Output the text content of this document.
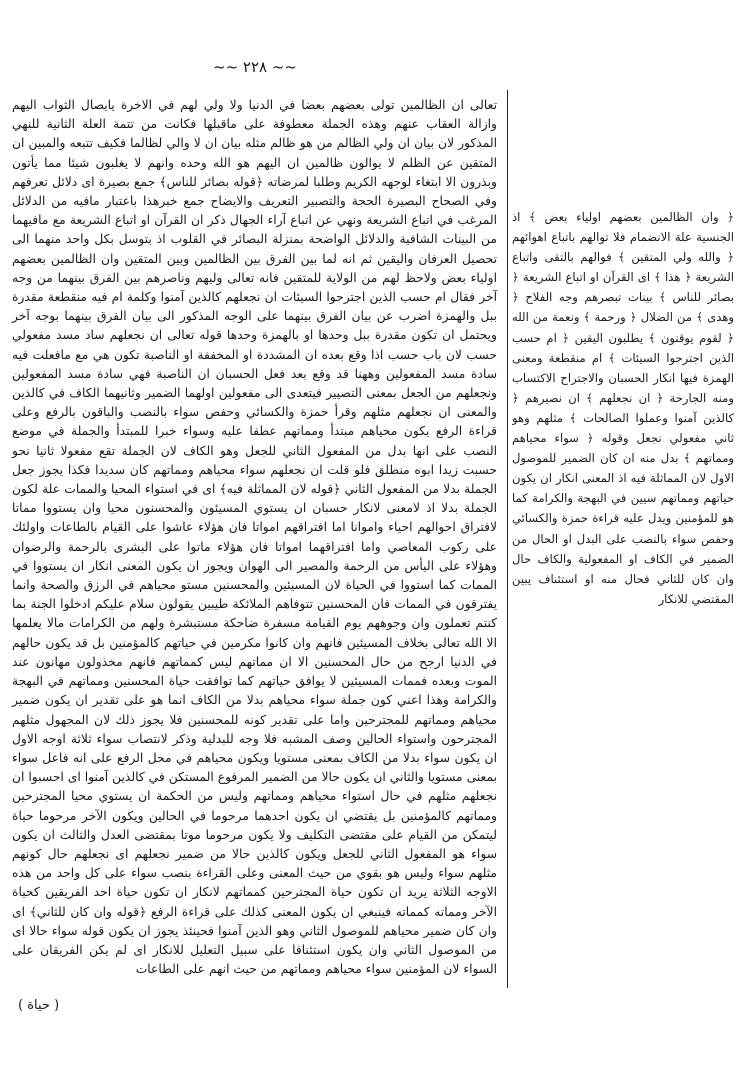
~~ ٢٢٨ ~~

تعالى ان الظالمين تولى بعضهم بعضا في الدنيا ولا ولي لهم في الاخرة يايصال الثواب اليهم وازالة العقاب عنهم وهذه الجملة معطوفة على ماقبلها فكانت من تتمة العلة الثانية للنهي المذكور لان بيان ان ولي الظالم من هو ظالم مثله بيان ان لا والي لظالما فكيف تتبعه والمبين ان المتقين عن الظلم لا يوالون ظالمين ان اليهم هو الله وحده وانهم لا يغلبون شيئا مما يأتون وبذرون الا ابتغاء لوجهه الكريم وطلبا لمرضاته ﴿قوله بصائر للناس﴾ جمع بصيرة اى دلائل تعرفهم وفي الصحاح البصيرة الحجة والتصبير التعريف والايضاح جمع خبرهذا باعتبار مافيه من الدلائل المرغب في اتباع الشريعة ونهي عن اتباع آراء الجهال ذكر ان القرآن او اتباع الشريعة مع مافيهما من البينات الشافية والدلائل الواضحة بمنزلة البصائر في القلوب اذ بتوسل بكل واحد منهما الى تحصيل العرفان واليقين ثم انه لما بين الفرق بين الظالمين وبين المتقين وان الظالمين بعضهم اولياء بعض ولاحظ لهم من الولاية للمتقين فانه تعالى وليهم وناصرهم بين الفرق بينهما من وجه آخر فقال ام حسب الذين اجترحوا السيئات ان نجعلهم كالذين آمنوا وكلمة ام فيه منقطعة مقدرة ببل والهمزة اضرب عن بيان الفرق بينهما على الوجه المذكور الى بيان الفرق بينهما بوجه آخر ويحتمل ان تكون مقدرة ببل وحدها او بالهمزة وحدها قوله تعالى ان نجعلهم ساد مسد مفعولي حسب لان باب حسب اذا وقع بعده ان المشددة او المخففة او الناصبة تكون هي مع مافعلت فيه سادة مسد المفعولين وههنا قد وقع بعد فعل الحسبان ان الناصبة فهي سادة مسد المفعولين ونجعلهم من الجعل بمعنى التصيير فيتعدى الى مفعولين اولهما الضمير وثانيهما الكاف في كالذين والمعنى ان نجعلهم مثلهم وقرأ حمزة والكسائي وحفص سواء بالنصب والباقون بالرفع وعلى قراءة الرفع يكون محياهم مبتدأ ومماتهم عطفا عليه وسواء خبرا للمبتدأ والجملة في موضع النصب على انها بدل من المفعول الثاني للجعل وهو الكاف لان الجملة تقع مفعولا ثانيا نحو حسبت زيدا ابوه منطلق فلو قلت ان نجعلهم سواء محياهم ومماتهم كان سديدا فكذا يجوز جعل الجملة بدلا من المفعول الثاني ﴿قوله لان المماثلة فيه﴾ اى في استواء المحيا والممات علة لكون الجملة بدلا اذ لامعنى لانكار حسبان ان يستوي المسيئون والمحسنون محيا وان يستووا مماتا لافتراق احوالهم احياء واموانا اما افتراقهم امواتا فان هؤلاء عاشوا على القيام بالطاعات واولئك على ركوب المعاصي واما افتراقهما امواتا فان هؤلاء ماتوا على البشرى بالرحمة والرضوان وهؤلاء على اليأس من الرحمة والمصير الى الهوان ويجوز ان يكون المعنى انكار ان يستووا في الممات كما استووا في الحياة لان المسيئين والمحسنين مستو محياهم في الرزق والصحة وانما يفترقون في الممات فان المحسنين تتوفاهم الملائكة طيبين يقولون سلام عليكم ادخلوا الجنة بما كنتم تعملون وان وجوههم يوم القيامة مسفرة ضاحكة مستبشرة ولهم من الكرامات مالا يعلمها الا الله تعالى بخلاف المسيئين فانهم وان كانوا مكرمين في حياتهم كالمؤمنين بل قد يكون حالهم في الدنيا ارجح من حال المحسنين الا ان مماتهم ليس كمماتهم فانهم مخذولون مهانون عند الموت وبعده فممات المسيئين لا يوافق حياتهم كما توافقت حياة المحسنين ومماتهم في البهجة والكرامة وهذا اعني كون جملة سواء محياهم بدلا من الكاف انما هو على تقدير ان يكون ضمير محياهم ومماتهم للمجترحين واما على تقدير كونه للمحسنين فلا يجوز ذلك لان المجهول مثلهم المجترحون واستواء الحالين وصف المشبه فلا وجه للبدلية وذكر لانتصاب سواء ثلاثة اوجه الاول ان يكون سواء بدلا من الكاف بمعنى مستويا ويكون محياهم في محل الرفع على انه فاعل سواء بمعنى مستويا والثاني ان يكون حالا من الضمير المرفوع المستكن في كالذين آمنوا اى احسبوا ان نجعلهم مثلهم في حال استواء محياهم ومماتهم وليس من الحكمة ان يستوي محيا المجترحين ومماتهم كالمؤمنين بل يقتضي ان يكون احدهما مرحوما في الحالين ويكون الآخر مرحوما حياة ليتمكن من القيام على مقتضى التكليف ولا يكون مرحوما موتا بمقتضى العدل والثالث ان يكون سواء هو المفعول الثاني للجعل ويكون كالذين حالا من ضمير نجعلهم اى نجعلهم حال كونهم مثلهم سواء وليس هو بقوي من حيث المعنى وعلى القراءة بنصب سواء على كل واحد من هذه الاوجه الثلاثة يريد ان تكون حياة المجترحين كمماتهم لانكار ان تكون حياة احد الفريقين كحياة الآخر ومماته كمماته فينبغي ان يكون المعنى كذلك على قراءة الرفع ﴿قوله وان كان للثاني﴾ اى وان كان ضمير محياهم للموصول الثاني وهو الذين آمنوا فحينئذ يجوز ان يكون قوله سواء حالا اى من الموصول الثاني وان يكون استئنافا على سبيل التعليل للانكار اى لم يكن الفريقان على السواء لان المؤمنين سواء محياهم ومماتهم من حيث انهم على الطاعات

﴿ وان الظالمين بعضهم اولياء بعض ﴾ اذ الجنسية علة الانضمام فلا توالهم باتباع اهوائهم ﴿ والله ولي المتقين ﴾ فوالهم بالتقى واتباع الشريعة ﴿ هذا ﴾ اى القرآن او اتباع الشريعة ﴿ بصائر للناس ﴾ بينات تبصرهم وجه الفلاح ﴿ وهدى ﴾ من الضلال ﴿ ورحمة ﴾ ونعمة من الله ﴿ لقوم يوقنون ﴾ يطلبون اليقين ﴿ ام حسب الذين اجترحوا السيئات ﴾ ام منقطعة ومعنى الهمزة فيها انكار الحسبان والاجتراح الاكتساب ومنه الجارحة ﴿ ان نجعلهم ﴾ ان نصيرهم ﴿ كالذين آمنوا وعملوا الصالحات ﴾ مثلهم وهو ثاني مفعولي نجعل وقوله ﴿ سواء محياهم ومماتهم ﴾ بدل منه ان كان الضمير للموصول الاول لان المماثلة فيه اذ المعنى انكار ان يكون حياتهم ومماتهم سيين في البهجة والكرامة كما هو للمؤمنين ويدل عليه قراءة حمزة والكسائي وحفص سواء بالنصب على البدل او الحال من الضمير في الكاف او المفعولية والكاف حال وان كان للثاني فحال منه او استئناف يبين المقتضي للانكار

( حياة )
